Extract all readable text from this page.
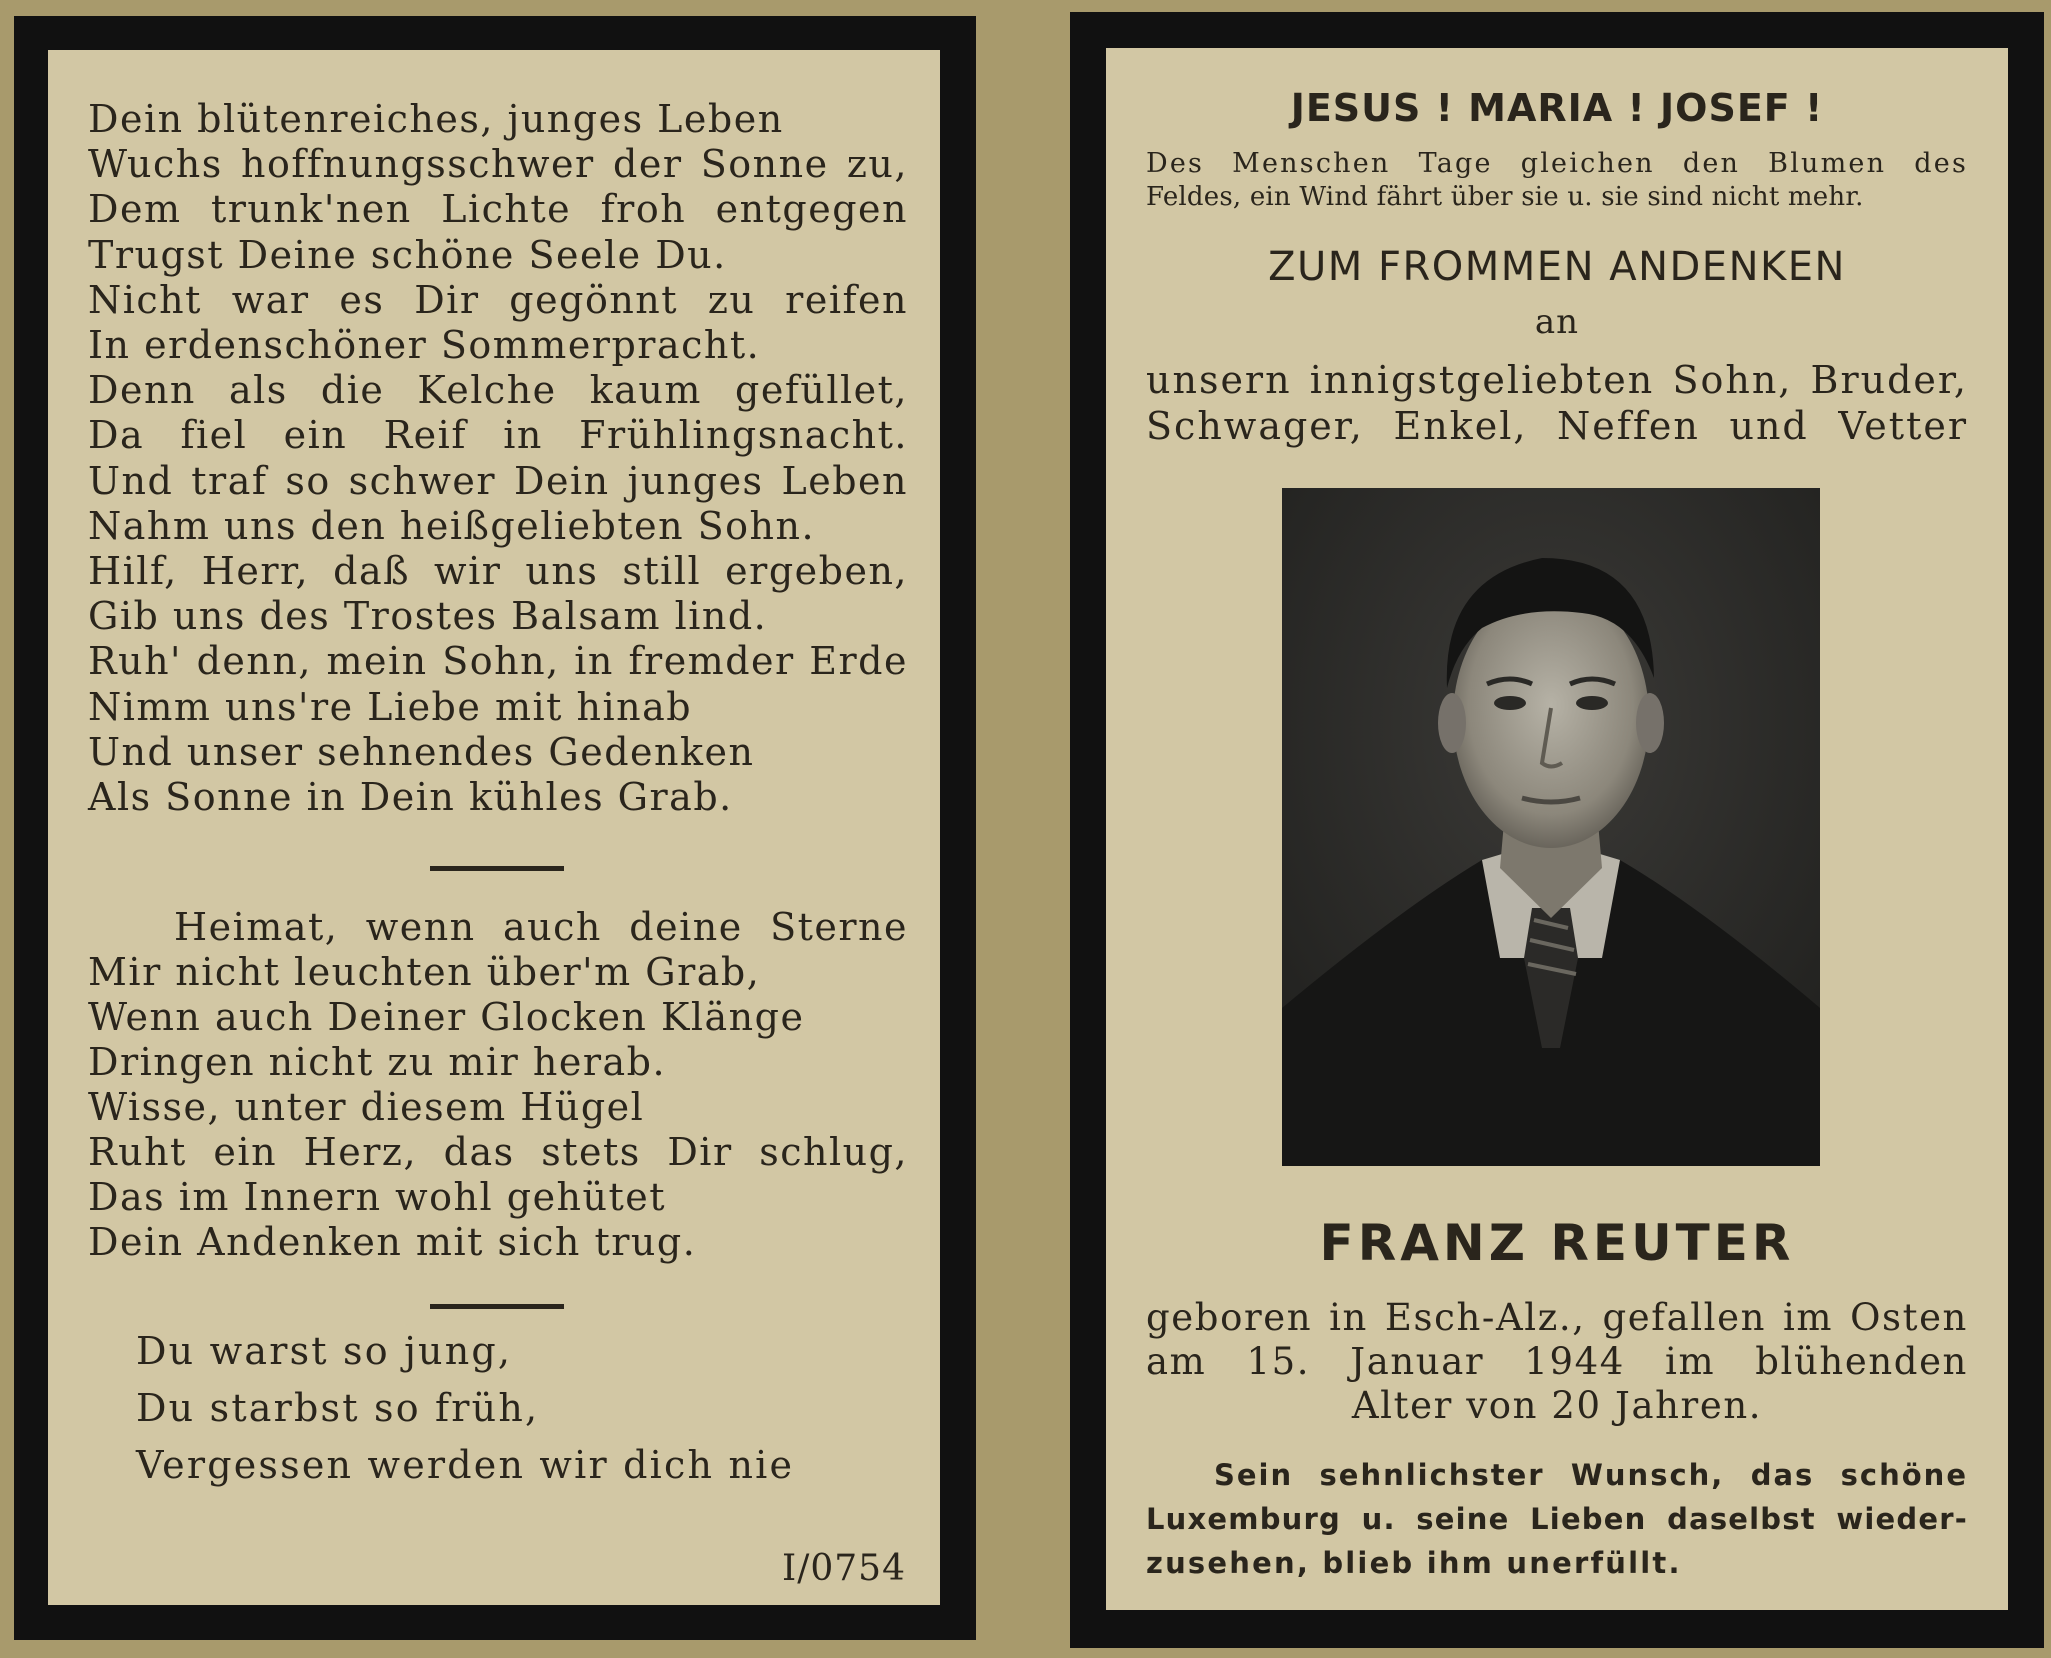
Dein blütenreiches, junges Leben
Wuchs hoffnungsschwer der Sonne zu,
Dem trunk'nen Lichte froh entgegen
Trugst Deine schöne Seele Du.
Nicht war es Dir gegönnt zu reifen
In erdenschöner Sommerpracht.
Denn als die Kelche kaum gefüllet,
Da fiel ein Reif in Frühlingsnacht.
Und traf so schwer Dein junges Leben
Nahm uns den heißgeliebten Sohn.
Hilf, Herr, daß wir uns still ergeben,
Gib uns des Trostes Balsam lind.
Ruh' denn, mein Sohn, in fremder Erde
Nimm uns're Liebe mit hinab
Und unser sehnendes Gedenken
Als Sonne in Dein kühles Grab.
Heimat, wenn auch deine Sterne
Mir nicht leuchten über'm Grab,
Wenn auch Deiner Glocken Klänge
Dringen nicht zu mir herab.
Wisse, unter diesem Hügel
Ruht ein Herz, das stets Dir schlug,
Das im Innern wohl gehütet
Dein Andenken mit sich trug.
Du warst so jung,
Du starbst so früh,
Vergessen werden wir dich nie
I/0754
JESUS ! MARIA ! JOSEF !
Des Menschen Tage gleichen den Blumen des
Feldes, ein Wind fährt über sie u. sie sind nicht mehr.
ZUM FROMMEN ANDENKEN
an
unsern innigstgeliebten Sohn, Bruder,
Schwager, Enkel, Neffen und Vetter
FRANZ REUTER
geboren in Esch-Alz., gefallen im Osten
am 15. Januar 1944 im blühenden
Alter von 20 Jahren.
Sein sehnlichster Wunsch, das schöne
Luxemburg u. seine Lieben daselbst wieder-
zusehen, blieb ihm unerfüllt.
